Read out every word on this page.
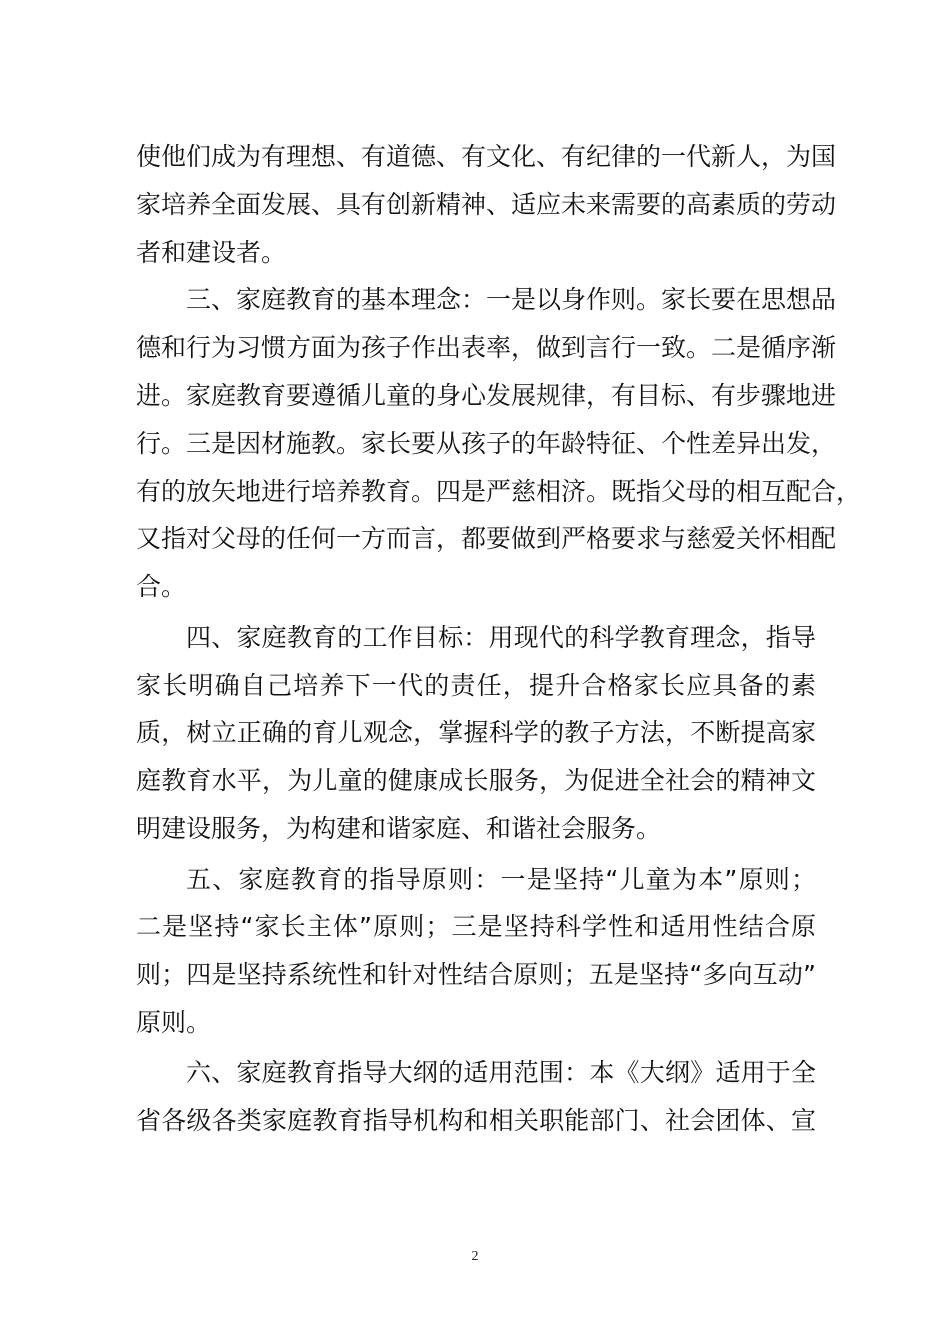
使他们成为有理想、有道德、有文化、有纪律的一代新人，为国
家培养全面发展、具有创新精神、适应未来需要的高素质的劳动
者和建设者。
三、家庭教育的基本理念：一是以身作则。家长要在思想品
德和行为习惯方面为孩子作出表率，做到言行一致。二是循序渐
进。家庭教育要遵循儿童的身心发展规律，有目标、有步骤地进
行。三是因材施教。家长要从孩子的年龄特征、个性差异出发，
有的放矢地进行培养教育。四是严慈相济。既指父母的相互配合，
又指对父母的任何一方而言，都要做到严格要求与慈爱关怀相配
合。
四、家庭教育的工作目标：用现代的科学教育理念，指导
家长明确自己培养下一代的责任，提升合格家长应具备的素
质，树立正确的育儿观念，掌握科学的教子方法，不断提高家
庭教育水平，为儿童的健康成长服务，为促进全社会的精神文
明建设服务，为构建和谐家庭、和谐社会服务。
五、家庭教育的指导原则：一是坚持“儿童为本”原则；
二是坚持“家长主体”原则；三是坚持科学性和适用性结合原
则；四是坚持系统性和针对性结合原则；五是坚持“多向互动”
原则。
六、家庭教育指导大纲的适用范围：本《大纲》适用于全
省各级各类家庭教育指导机构和相关职能部门、社会团体、宣
2
